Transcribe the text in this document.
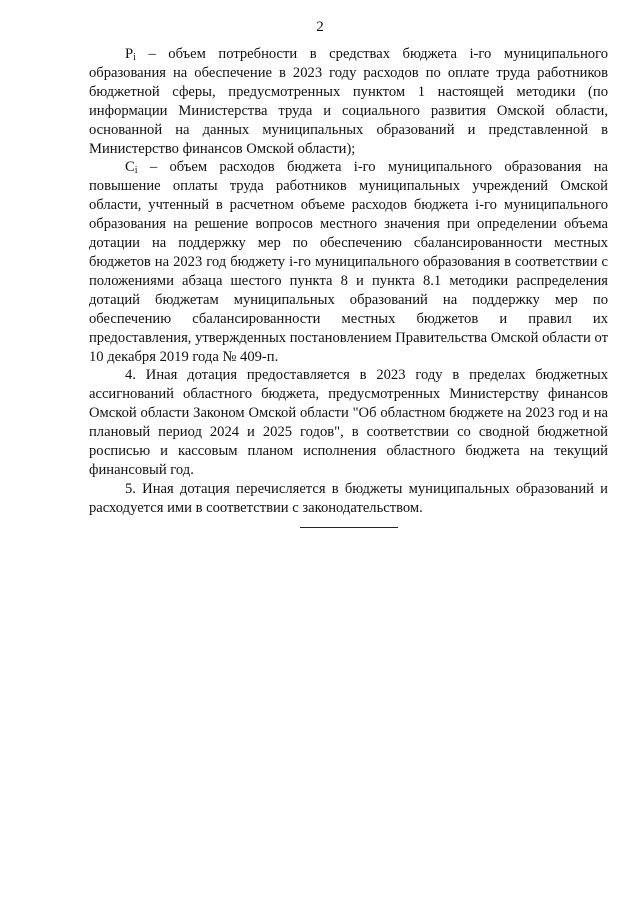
2

$P_i$ – объем потребности в средствах бюджета i-го муниципального образования на обеспечение в 2023 году расходов по оплате труда работников бюджетной сферы, предусмотренных пунктом 1 настоящей методики (по информации Министерства труда и социального развития Омской области, основанной на данных муниципальных образований и представленной в Министерство финансов Омской области);

$C_i$ – объем расходов бюджета i-го муниципального образования на повышение оплаты труда работников муниципальных учреждений Омской области, учтенный в расчетном объеме расходов бюджета i-го муниципального образования на решение вопросов местного значения при определении объема дотации на поддержку мер по обеспечению сбалансированности местных бюджетов на 2023 год бюджету i-го муниципального образования в соответствии с положениями абзаца шестого пункта 8 и пункта 8.1 методики распределения дотаций бюджетам муниципальных образований на поддержку мер по обеспечению сбалансированности местных бюджетов и правил их предоставления, утвержденных постановлением Правительства Омской области от 10 декабря 2019 года № 409-п.

4. Иная дотация предоставляется в 2023 году в пределах бюджетных ассигнований областного бюджета, предусмотренных Министерству финансов Омской области Законом Омской области "Об областном бюджете на 2023 год и на плановый период 2024 и 2025 годов", в соответствии со сводной бюджетной росписью и кассовым планом исполнения областного бюджета на текущий финансовый год.

5. Иная дотация перечисляется в бюджеты муниципальных образований и расходуется ими в соответствии с законодательством.
